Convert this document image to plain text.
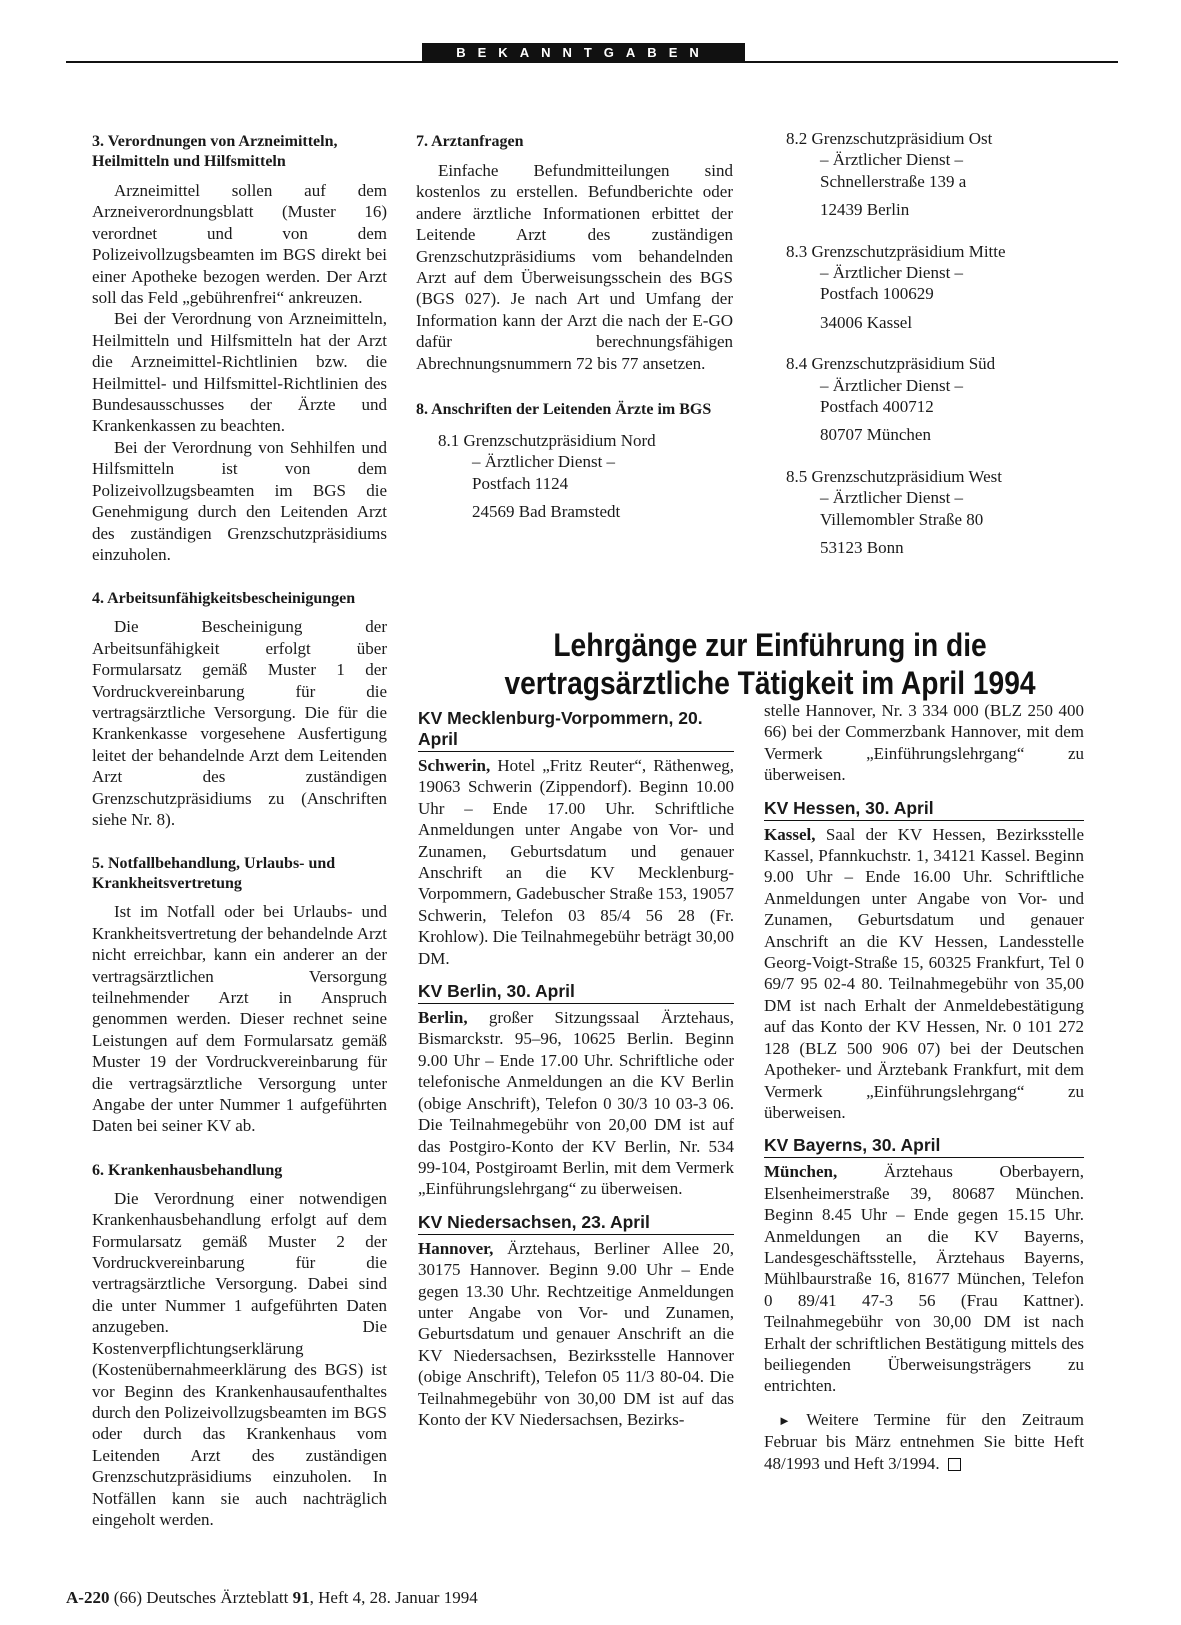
BEKANNTGABEN
3. Verordnungen von Arzneimitteln, Heilmitteln und Hilfsmitteln

Arzneimittel sollen auf dem Arzneiverordnungsblatt (Muster 16) verordnet und von dem Polizeivollzugsbeamten im BGS direkt bei einer Apotheke bezogen werden. Der Arzt soll das Feld „gebührenfrei“ ankreuzen.

Bei der Verordnung von Arzneimitteln, Heilmitteln und Hilfsmitteln hat der Arzt die Arzneimittel-Richtlinien bzw. die Heilmittel- und Hilfsmittel-Richtlinien des Bundesausschusses der Ärzte und Krankenkassen zu beachten.

Bei der Verordnung von Sehhilfen und Hilfsmitteln ist von dem Polizeivollzugsbeamten im BGS die Genehmigung durch den Leitenden Arzt des zuständigen Grenzschutzpräsidiums einzuholen.

4. Arbeitsunfähigkeitsbescheinigungen

Die Bescheinigung der Arbeitsunfähigkeit erfolgt über Formularsatz gemäß Muster 1 der Vordruckvereinbarung für die vertragsärztliche Versorgung. Die für die Krankenkasse vorgesehene Ausfertigung leitet der behandelnde Arzt dem Leitenden Arzt des zuständigen Grenzschutzpräsidiums zu (Anschriften siehe Nr. 8).

5. Notfallbehandlung, Urlaubs- und Krankheitsvertretung

Ist im Notfall oder bei Urlaubs- und Krankheitsvertretung der behandelnde Arzt nicht erreichbar, kann ein anderer an der vertragsärztlichen Versorgung teilnehmender Arzt in Anspruch genommen werden. Dieser rechnet seine Leistungen auf dem Formularsatz gemäß Muster 19 der Vordruckvereinbarung für die vertragsärztliche Versorgung unter Angabe der unter Nummer 1 aufgeführten Daten bei seiner KV ab.

6. Krankenhausbehandlung

Die Verordnung einer notwendigen Krankenhausbehandlung erfolgt auf dem Formularsatz gemäß Muster 2 der Vordruckvereinbarung für die vertragsärztliche Versorgung. Dabei sind die unter Nummer 1 aufgeführten Daten anzugeben. Die Kostenverpflichtungserklärung (Kostenübernahmeerklärung des BGS) ist vor Beginn des Krankenhausaufenthaltes durch den Polizeivollzugsbeamten im BGS oder durch das Krankenhaus vom Leitenden Arzt des zuständigen Grenzschutzpräsidiums einzuholen. In Notfällen kann sie auch nachträglich eingeholt werden.

7. Arztanfragen

Einfache Befundmitteilungen sind kostenlos zu erstellen. Befundberichte oder andere ärztliche Informationen erbittet der Leitende Arzt des zuständigen Grenzschutzpräsidiums vom behandelnden Arzt auf dem Überweisungsschein des BGS (BGS 027). Je nach Art und Umfang der Information kann der Arzt die nach der E-GO dafür berechnungsfähigen Abrechnungsnummern 72 bis 77 ansetzen.

8. Anschriften der Leitenden Ärzte im BGS
8.1 Grenzschutzpräsidium Nord
– Ärztlicher Dienst –
Postfach 1124
24569 Bad Bramstedt
8.2 Grenzschutzpräsidium Ost
– Ärztlicher Dienst –
Schnellerstraße 139 a
12439 Berlin
8.3 Grenzschutzpräsidium Mitte
– Ärztlicher Dienst –
Postfach 100629
34006 Kassel
8.4 Grenzschutzpräsidium Süd
– Ärztlicher Dienst –
Postfach 400712
80707 München
8.5 Grenzschutzpräsidium West
– Ärztlicher Dienst –
Villemombler Straße 80
53123 Bonn
Lehrgänge zur Einführung in die
vertragsärztliche Tätigkeit im April 1994
KV Mecklenburg-Vorpommern, 20. April

Schwerin, Hotel „Fritz Reuter“, Räthenweg, 19063 Schwerin (Zippendorf). Beginn 10.00 Uhr – Ende 17.00 Uhr. Schriftliche Anmeldungen unter Angabe von Vor- und Zunamen, Geburtsdatum und genauer Anschrift an die KV Mecklenburg-Vorpommern, Gadebuscher Straße 153, 19057 Schwerin, Telefon 03 85/4 56 28 (Fr. Krohlow). Die Teilnahmegebühr beträgt 30,00 DM.

KV Berlin, 30. April

Berlin, großer Sitzungssaal Ärztehaus, Bismarckstr. 95–96, 10625 Berlin. Beginn 9.00 Uhr – Ende 17.00 Uhr. Schriftliche oder telefonische Anmeldungen an die KV Berlin (obige Anschrift), Telefon 0 30/3 10 03-3 06. Die Teilnahmegebühr von 20,00 DM ist auf das Postgiro-Konto der KV Berlin, Nr. 534 99-104, Postgiroamt Berlin, mit dem Vermerk „Einführungslehrgang“ zu überweisen.

KV Niedersachsen, 23. April

Hannover, Ärztehaus, Berliner Allee 20, 30175 Hannover. Beginn 9.00 Uhr – Ende gegen 13.30 Uhr. Rechtzeitige Anmeldungen unter Angabe von Vor- und Zunamen, Geburtsdatum und genauer Anschrift an die KV Niedersachsen, Bezirksstelle Hannover (obige Anschrift), Telefon 05 11/3 80-04. Die Teilnahmegebühr von 30,00 DM ist auf das Konto der KV Niedersachsen, Bezirks-

stelle Hannover, Nr. 3 334 000 (BLZ 250 400 66) bei der Commerzbank Hannover, mit dem Vermerk „Einführungslehrgang“ zu überweisen.

KV Hessen, 30. April

Kassel, Saal der KV Hessen, Bezirksstelle Kassel, Pfannkuchstr. 1, 34121 Kassel. Beginn 9.00 Uhr – Ende 16.00 Uhr. Schriftliche Anmeldungen unter Angabe von Vor- und Zunamen, Geburtsdatum und genauer Anschrift an die KV Hessen, Landesstelle Georg-Voigt-Straße 15, 60325 Frankfurt, Tel 0 69/7 95 02-4 80. Teilnahmegebühr von 35,00 DM ist nach Erhalt der Anmeldebestätigung auf das Konto der KV Hessen, Nr. 0 101 272 128 (BLZ 500 906 07) bei der Deutschen Apotheker- und Ärztebank Frankfurt, mit dem Vermerk „Einführungslehrgang“ zu überweisen.

KV Bayerns, 30. April

München, Ärztehaus Oberbayern, Elsenheimerstraße 39, 80687 München. Beginn 8.45 Uhr – Ende gegen 15.15 Uhr. Anmeldungen an die KV Bayerns, Landesgeschäftsstelle, Ärztehaus Bayerns, Mühlbaurstraße 16, 81677 München, Telefon 0 89/41 47-3 56 (Frau Kattner). Teilnahmegebühr von 30,00 DM ist nach Erhalt der schriftlichen Bestätigung mittels des beiliegenden Überweisungsträgers zu entrichten.

► Weitere Termine für den Zeitraum Februar bis März entnehmen Sie bitte Heft 48/1993 und Heft 3/1994.

A-220 (66) Deutsches Ärzteblatt 91, Heft 4, 28. Januar 1994
